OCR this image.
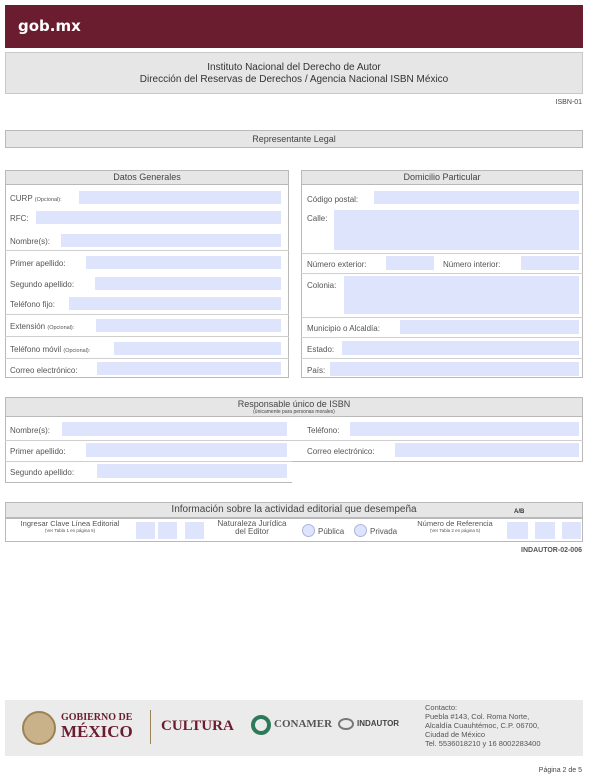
gob.mx
Instituto Nacional del Derecho de Autor
Dirección del Reservas de Derechos / Agencia Nacional ISBN México
ISBN-01
Representante Legal
Datos Generales
CURP (Opcional):
RFC:
Nombre(s):
Primer apellido:
Segundo apellido:
Teléfono fijo:
Extensión (Opcional):
Teléfono móvil (Opcional):
Correo electrónico:
Domicilio Particular
Código postal:
Calle:
Número exterior:	Número interior:
Colonia:
Municipio o Alcaldía:
Estado:
País:
Responsable único de ISBN
(únicamente para personas morales)
Nombre(s):	Teléfono:
Primer apellido:	Correo electrónico:
Segundo apellido:
Información sobre la actividad editorial que desempeña	A/B
Ingresar Clave Línea Editorial
(Ver Tabla 1 en página 5)
Naturaleza Jurídica
del Editor	Pública	Privada
Número de Referencia
(Ver Tabla 2 en página 5)
INDAUTOR-02-006
GOBIERNO DE
MÉXICO CULTURA	CONAMER	INDAUTOR
Contacto:
Puebla #143, Col. Roma Norte,
Alcaldía Cuauhtémoc, C.P. 06700,
Ciudad de México
Tel. 5536018210 y 16 8002283400
Página 2 de 5
